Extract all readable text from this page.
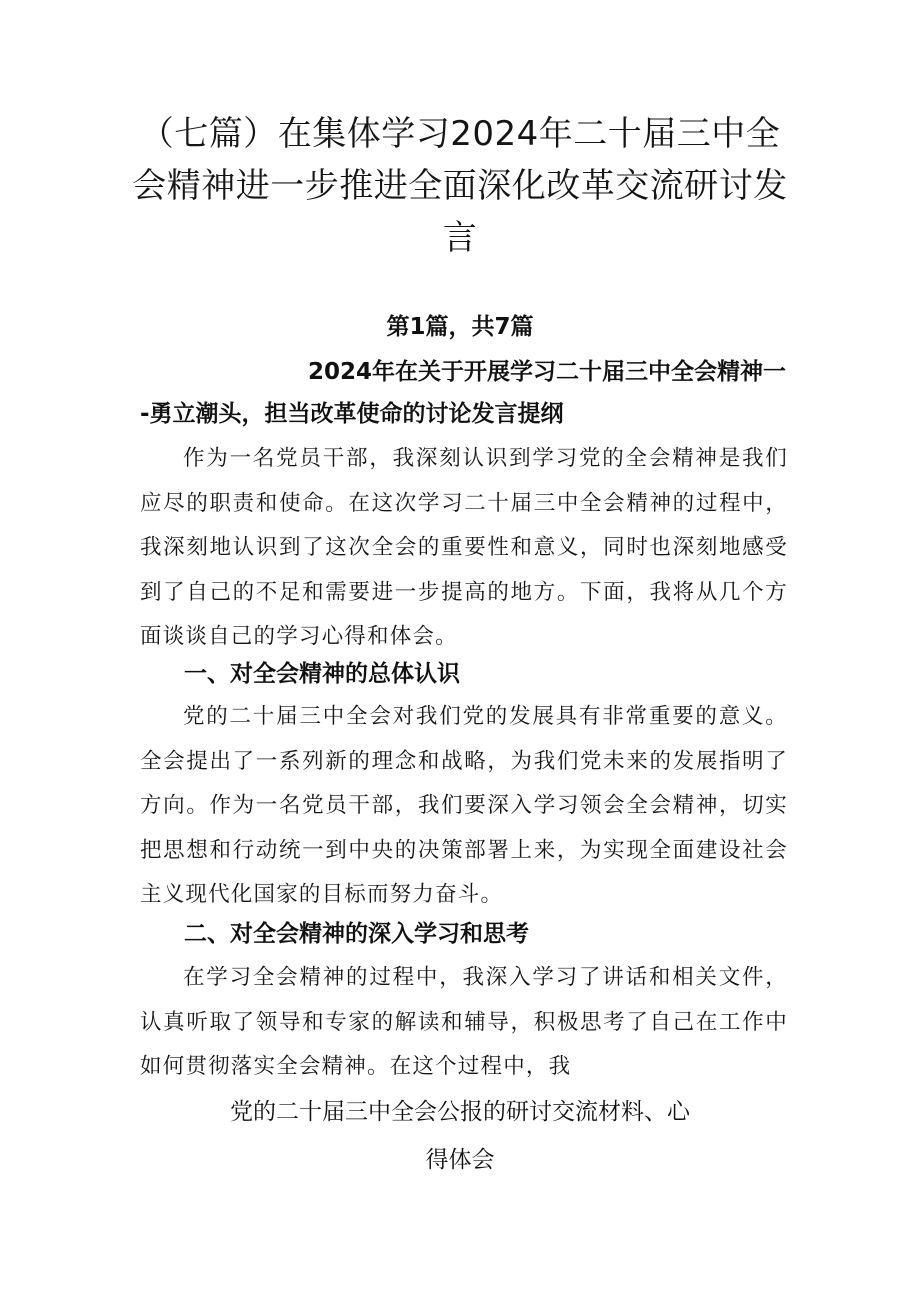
（七篇）在集体学习2024年二十届三中全会精神进一步推进全面深化改革交流研讨发言
第1篇，共7篇
2024年在关于开展学习二十届三中全会精神一
-勇立潮头，担当改革使命的讨论发言提纲

作为一名党员干部，我深刻认识到学习党的全会精神是我们应尽的职责和使命。在这次学习二十届三中全会精神的过程中，我深刻地认识到了这次全会的重要性和意义，同时也深刻地感受到了自己的不足和需要进一步提高的地方。下面，我将从几个方面谈谈自己的学习心得和体会。

一、对全会精神的总体认识

党的二十届三中全会对我们党的发展具有非常重要的意义。全会提出了一系列新的理念和战略，为我们党未来的发展指明了方向。作为一名党员干部，我们要深入学习领会全会精神，切实把思想和行动统一到中央的决策部署上来，为实现全面建设社会主义现代化国家的目标而努力奋斗。

二、对全会精神的深入学习和思考

在学习全会精神的过程中，我深入学习了讲话和相关文件，认真听取了领导和专家的解读和辅导，积极思考了自己在工作中如何贯彻落实全会精神。在这个过程中，我

党的二十届三中全会公报的研讨交流材料、心
得体会
